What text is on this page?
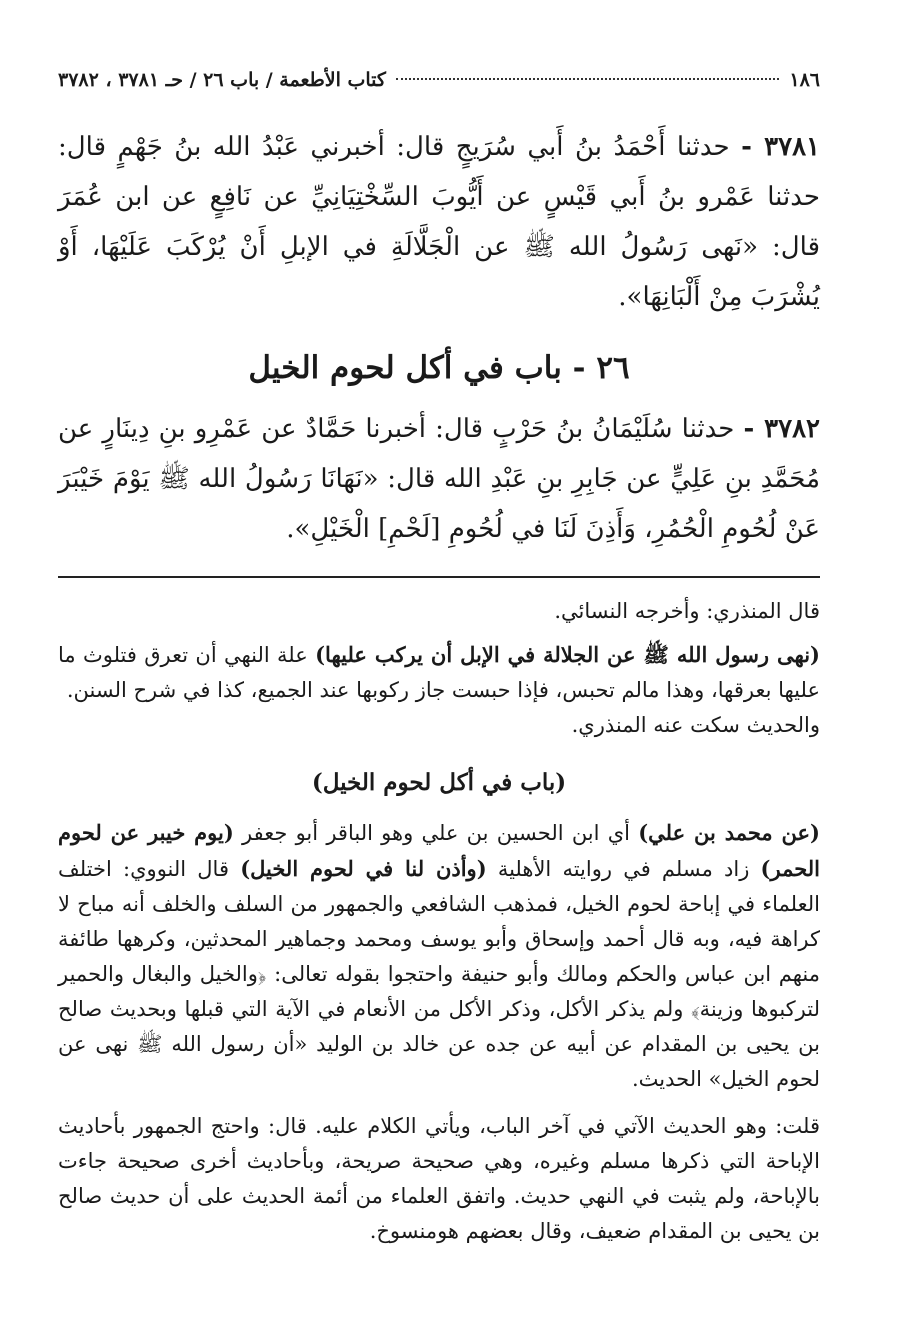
١٨٦
كتاب الأطعمة / باب ٢٦ / حـ ٣٧٨١ ، ٣٧٨٢
٣٧٨١ - حدثنا أَحْمَدُ بنُ أَبي سُرَيجٍ قال: أخبرني عَبْدُ الله بنُ جَهْمٍ قال: حدثنا عَمْرو بنُ أَبي قَيْسٍ عن أَيُّوبَ السِّخْتِيَانِيِّ عن نَافِعٍ عن ابن عُمَرَ قال: «نَهى رَسُولُ الله ﷺ عن الْجَلَّالَةِ في الإبلِ أَنْ يُرْكَبَ عَلَيْهَا، أَوْ يُشْرَبَ مِنْ أَلْبَانِهَا».
٢٦ - باب في أكل لحوم الخيل
٣٧٨٢ - حدثنا سُلَيْمَانُ بنُ حَرْبٍ قال: أخبرنا حَمَّادٌ عن عَمْرِو بنِ دِينَارٍ عن مُحَمَّدِ بنِ عَلِيٍّ عن جَابِرِ بنِ عَبْدِ الله قال: «نَهَانَا رَسُولُ الله ﷺ يَوْمَ خَيْبَرَ عَنْ لُحُومِ الْحُمُرِ، وَأَذِنَ لَنَا في لُحُومِ [لَحْمِ] الْخَيْلِ».

قال المنذري: وأخرجه النسائي.

(نهى رسول الله ﷺ عن الجلالة في الإبل أن يركب عليها) علة النهي أن تعرق فتلوث ما عليها بعرقها، وهذا مالم تحبس، فإذا حبست جاز ركوبها عند الجميع، كذا في شرح السنن.

والحديث سكت عنه المنذري.

(باب في أكل لحوم الخيل)

(عن محمد بن علي) أي ابن الحسين بن علي وهو الباقر أبو جعفر (يوم خيبر عن لحوم الحمر) زاد مسلم في روايته الأهلية (وأذن لنا في لحوم الخيل) قال النووي: اختلف العلماء في إباحة لحوم الخيل، فمذهب الشافعي والجمهور من السلف والخلف أنه مباح لا كراهة فيه، وبه قال أحمد وإسحاق وأبو يوسف ومحمد وجماهير المحدثين، وكرهها طائفة منهم ابن عباس والحكم ومالك وأبو حنيفة واحتجوا بقوله تعالى: ﴿والخيل والبغال والحمير لتركبوها وزينة﴾ ولم يذكر الأكل، وذكر الأكل من الأنعام في الآية التي قبلها وبحديث صالح بن يحيى بن المقدام عن أبيه عن جده عن خالد بن الوليد «أن رسول الله ﷺ نهى عن لحوم الخيل» الحديث.

قلت: وهو الحديث الآتي في آخر الباب، ويأتي الكلام عليه. قال: واحتج الجمهور بأحاديث الإباحة التي ذكرها مسلم وغيره، وهي صحيحة صريحة، وبأحاديث أخرى صحيحة جاءت بالإباحة، ولم يثبت في النهي حديث. واتفق العلماء من أئمة الحديث على أن حديث صالح بن يحيى بن المقدام ضعيف، وقال بعضهم هومنسوخ.
